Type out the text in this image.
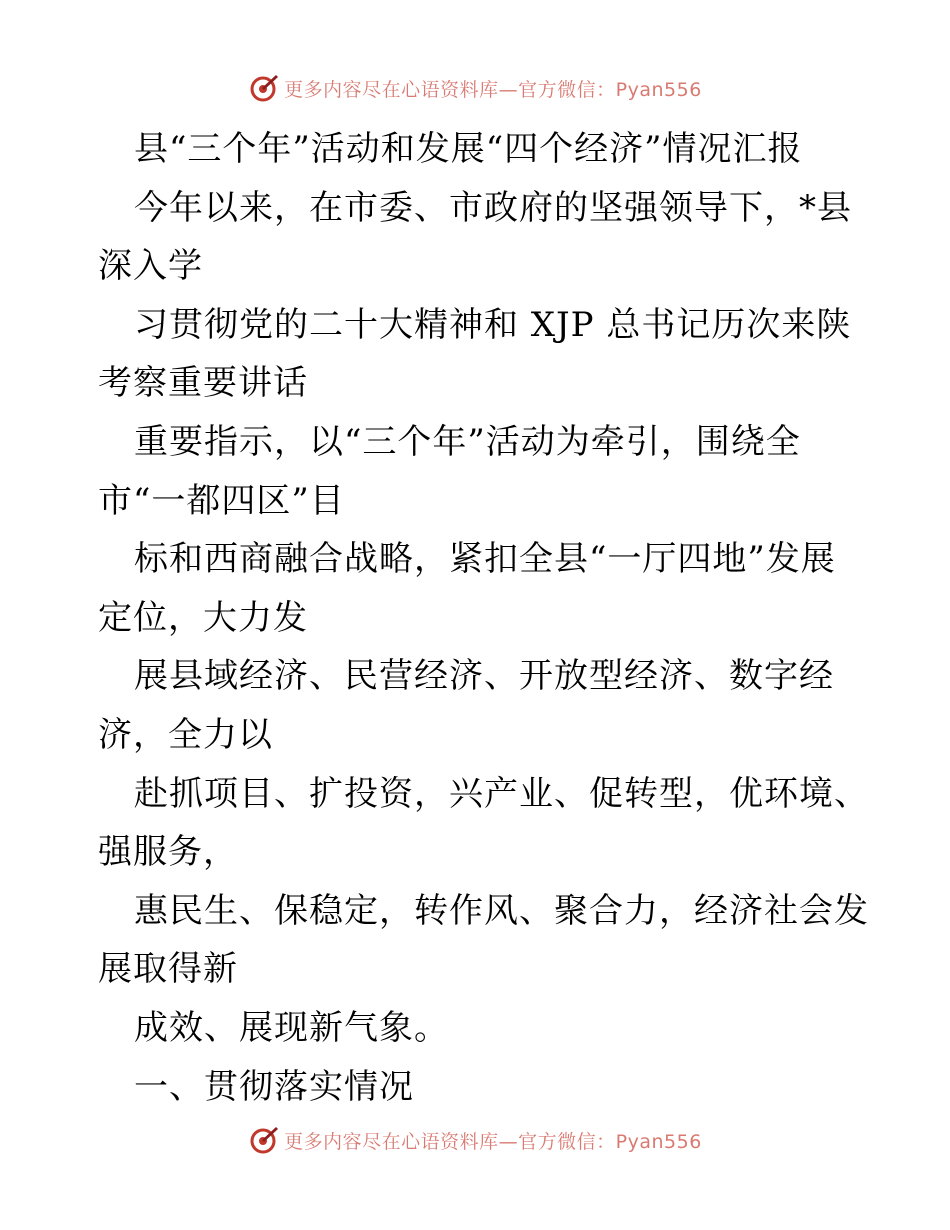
更多内容尽在心语资料库—官方微信：Pyan556
县“三个年”活动和发展“四个经济”情况汇报
今年以来，在市委、市政府的坚强领导下，*县
深入学
习贯彻党的二十大精神和 XJP 总书记历次来陕
考察重要讲话
重要指示，以“三个年”活动为牵引，围绕全
市“一都四区”目
标和西商融合战略，紧扣全县“一厅四地”发展
定位，大力发
展县域经济、民营经济、开放型经济、数字经
济，全力以
赴抓项目、扩投资，兴产业、促转型，优环境、
强服务，
惠民生、保稳定，转作风、聚合力，经济社会发
展取得新
成效、展现新气象。
一、贯彻落实情况
更多内容尽在心语资料库—官方微信：Pyan556
